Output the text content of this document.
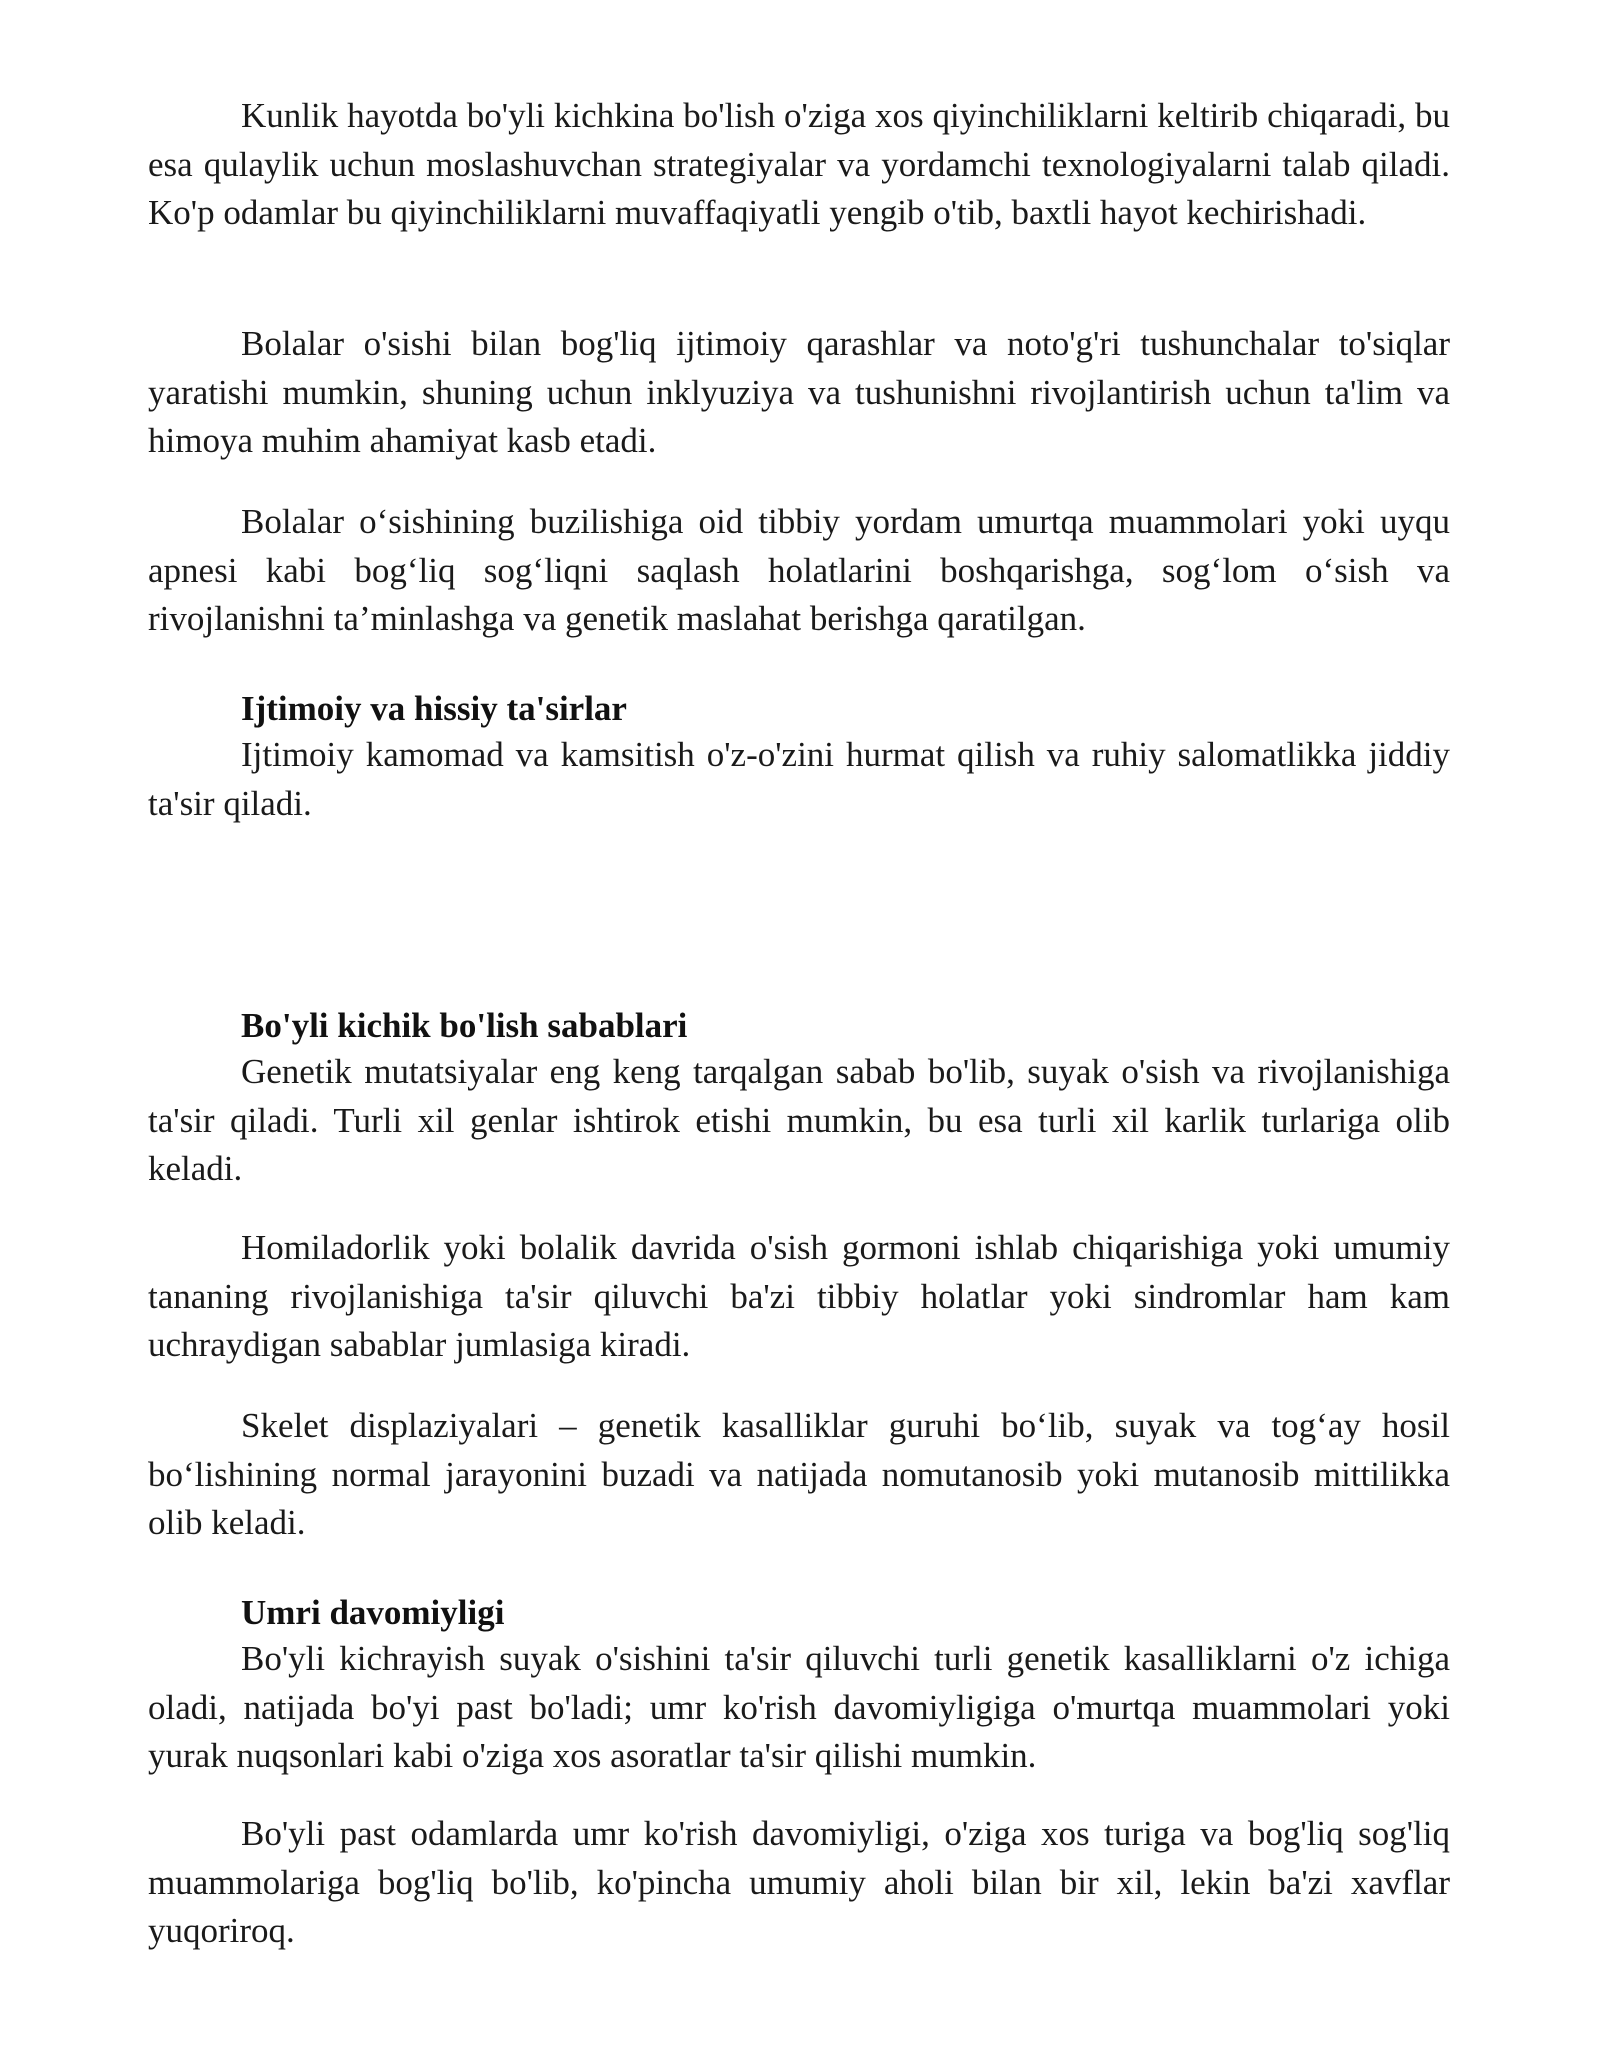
Kunlik hayotda bo'yli kichkina bo'lish o'ziga xos qiyinchiliklarni keltirib chiqaradi, bu esa qulaylik uchun moslashuvchan strategiyalar va yordamchi texnologiyalarni talab qiladi. Ko'p odamlar bu qiyinchiliklarni muvaffaqiyatli yengib o'tib, baxtli hayot kechirishadi.

Bolalar o'sishi bilan bog'liq ijtimoiy qarashlar va noto'g'ri tushunchalar to'siqlar yaratishi mumkin, shuning uchun inklyuziya va tushunishni rivojlantirish uchun ta'lim va himoya muhim ahamiyat kasb etadi.

Bolalar o‘sishining buzilishiga oid tibbiy yordam umurtqa muammolari yoki uyqu apnesi kabi bog‘liq sog‘liqni saqlash holatlarini boshqarishga, sog‘lom o‘sish va rivojlanishni ta’minlashga va genetik maslahat berishga qaratilgan.

Ijtimoiy va hissiy ta'sirlar

Ijtimoiy kamomad va kamsitish o'z-o'zini hurmat qilish va ruhiy salomatlikka jiddiy ta'sir qiladi.

Bo'yli kichik bo'lish sabablari

Genetik mutatsiyalar eng keng tarqalgan sabab bo'lib, suyak o'sish va rivojlanishiga ta'sir qiladi. Turli xil genlar ishtirok etishi mumkin, bu esa turli xil karlik turlariga olib keladi.

Homiladorlik yoki bolalik davrida o'sish gormoni ishlab chiqarishiga yoki umumiy tananing rivojlanishiga ta'sir qiluvchi ba'zi tibbiy holatlar yoki sindromlar ham kam uchraydigan sabablar jumlasiga kiradi.

Skelet displaziyalari – genetik kasalliklar guruhi bo‘lib, suyak va tog‘ay hosil bo‘lishining normal jarayonini buzadi va natijada nomutanosib yoki mutanosib mittilikka olib keladi.

Umri davomiyligi

Bo'yli kichrayish suyak o'sishini ta'sir qiluvchi turli genetik kasalliklarni o'z ichiga oladi, natijada bo'yi past bo'ladi; umr ko'rish davomiyligiga o'murtqa muammolari yoki yurak nuqsonlari kabi o'ziga xos asoratlar ta'sir qilishi mumkin.

Bo'yli past odamlarda umr ko'rish davomiyligi, o'ziga xos turiga va bog'liq sog'liq muammolariga bog'liq bo'lib, ko'pincha umumiy aholi bilan bir xil, lekin ba'zi xavflar yuqoriroq.
